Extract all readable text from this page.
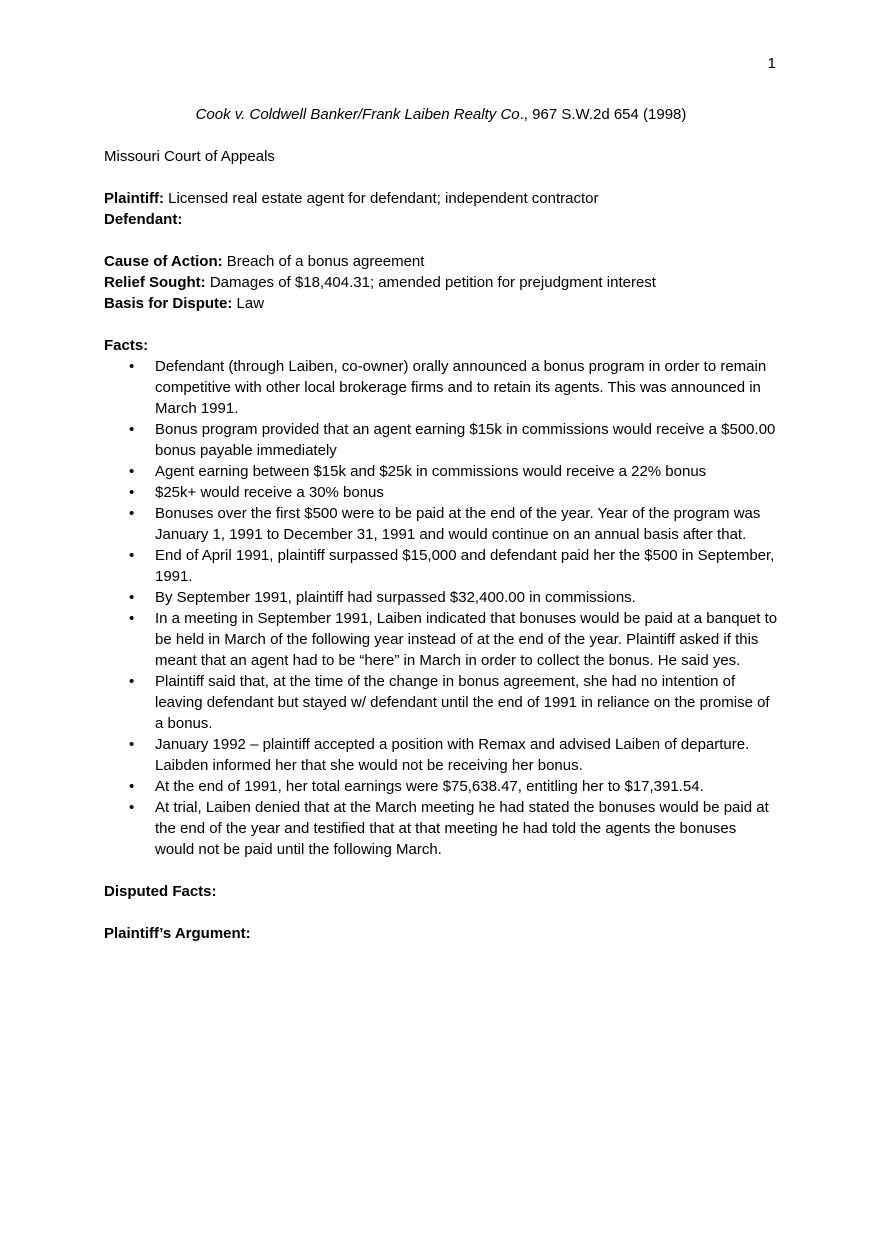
1

Cook v. Coldwell Banker/Frank Laiben Realty Co., 967 S.W.2d 654 (1998)

Missouri Court of Appeals

Plaintiff: Licensed real estate agent for defendant; independent contractor

Defendant:

Cause of Action: Breach of a bonus agreement

Relief Sought: Damages of $18,404.31; amended petition for prejudgment interest

Basis for Dispute: Law

Facts:

• Defendant (through Laiben, co-owner) orally announced a bonus program in order to remain competitive with other local brokerage firms and to retain its agents. This was announced in March 1991.
• Bonus program provided that an agent earning $15k in commissions would receive a $500.00 bonus payable immediately
• Agent earning between $15k and $25k in commissions would receive a 22% bonus
• $25k+ would receive a 30% bonus
• Bonuses over the first $500 were to be paid at the end of the year. Year of the program was January 1, 1991 to December 31, 1991 and would continue on an annual basis after that.
• End of April 1991, plaintiff surpassed $15,000 and defendant paid her the $500 in September, 1991.
• By September 1991, plaintiff had surpassed $32,400.00 in commissions.
• In a meeting in September 1991, Laiben indicated that bonuses would be paid at a banquet to be held in March of the following year instead of at the end of the year. Plaintiff asked if this meant that an agent had to be “here” in March in order to collect the bonus. He said yes.
• Plaintiff said that, at the time of the change in bonus agreement, she had no intention of leaving defendant but stayed w/ defendant until the end of 1991 in reliance on the promise of a bonus.
• January 1992 – plaintiff accepted a position with Remax and advised Laiben of departure. Laibden informed her that she would not be receiving her bonus.
• At the end of 1991, her total earnings were $75,638.47, entitling her to $17,391.54.
• At trial, Laiben denied that at the March meeting he had stated the bonuses would be paid at the end of the year and testified that at that meeting he had told the agents the bonuses would not be paid until the following March.

Disputed Facts:

Plaintiff’s Argument:
